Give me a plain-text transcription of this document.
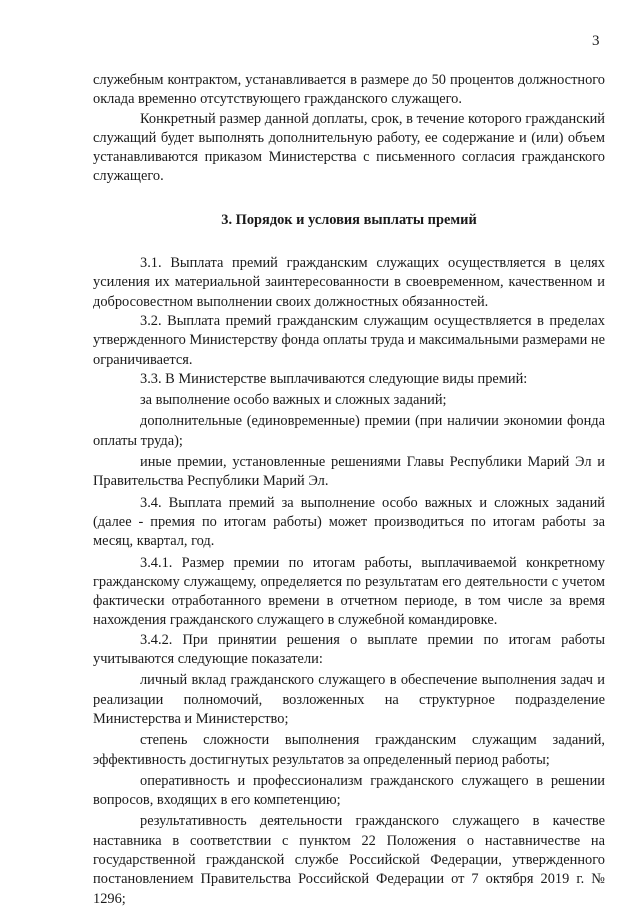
3

служебным контрактом, устанавливается в размере до 50 процентов должностного оклада временно отсутствующего гражданского служащего.

Конкретный размер данной доплаты, срок, в течение которого гражданский служащий будет выполнять дополнительную работу, ее содержание и (или) объем устанавливаются приказом Министерства с письменного согласия гражданского служащего.

3. Порядок и условия выплаты премий

3.1. Выплата премий гражданским служащих осуществляется в целях усиления их материальной заинтересованности в своевременном, качественном и добросовестном выполнении своих должностных обязанностей.

3.2. Выплата премий гражданским служащим осуществляется в пределах утвержденного Министерству фонда оплаты труда и максимальными размерами не ограничивается.

3.3. В Министерстве выплачиваются следующие виды премий:

за выполнение особо важных и сложных заданий;

дополнительные (единовременные) премии (при наличии экономии фонда оплаты труда);

иные премии, установленные решениями Главы Республики Марий Эл и Правительства Республики Марий Эл.

3.4. Выплата премий за выполнение особо важных и сложных заданий (далее - премия по итогам работы) может производиться по итогам работы за месяц, квартал, год.

3.4.1. Размер премии по итогам работы, выплачиваемой конкретному гражданскому служащему, определяется по результатам его деятельности с учетом фактически отработанного времени в отчетном периоде, в том числе за время нахождения гражданского служащего в служебной командировке.

3.4.2. При принятии решения о выплате премии по итогам работы учитываются следующие показатели:

личный вклад гражданского служащего в обеспечение выполнения задач и реализации полномочий, возложенных на структурное подразделение Министерства и Министерство;

степень сложности выполнения гражданским служащим заданий, эффективность достигнутых результатов за определенный период работы;

оперативность и профессионализм гражданского служащего в решении вопросов, входящих в его компетенцию;

результативность деятельности гражданского служащего в качестве наставника в соответствии с пунктом 22 Положения о наставничестве на государственной гражданской службе Российской Федерации, утвержденного постановлением Правительства Российской Федерации от 7 октября 2019 г. № 1296;
